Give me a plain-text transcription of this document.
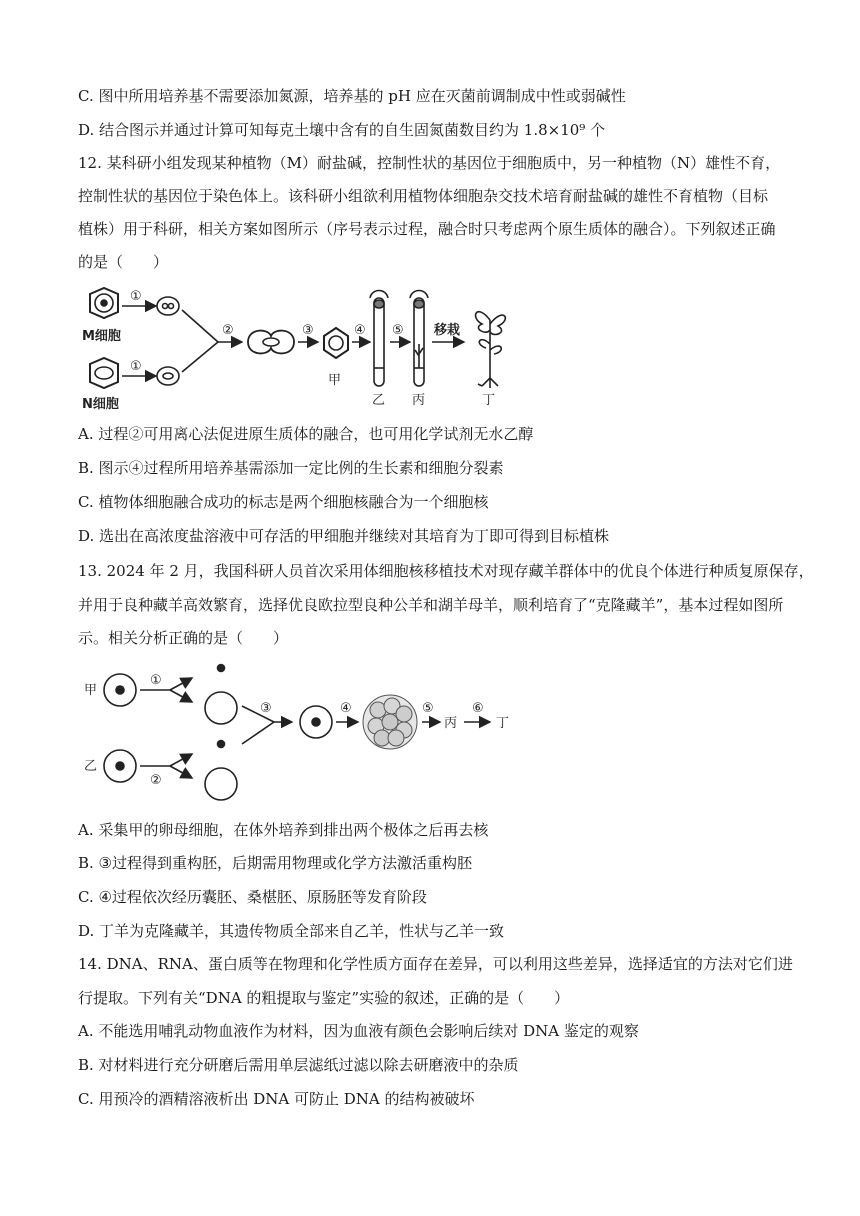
C. 图中所用培养基不需要添加氮源，培养基的 pH 应在灭菌前调制成中性或弱碱性
D. 结合图示并通过计算可知每克土壤中含有的自生固氮菌数目约为 1.8×10⁹ 个
12. 某科研小组发现某种植物（M）耐盐碱，控制性状的基因位于细胞质中，另一种植物（N）雄性不育，
控制性状的基因位于染色体上。该科研小组欲利用植物体细胞杂交技术培育耐盐碱的雄性不育植物（目标
植株）用于科研，相关方案如图所示（序号表示过程，融合时只考虑两个原生质体的融合）。下列叙述正确
的是（　　）
①
①
②	③	④ ⑤ 移栽
M细胞
N细胞
甲
乙 丙	丁
A. 过程②可用离心法促进原生质体的融合，也可用化学试剂无水乙醇
B. 图示④过程所用培养基需添加一定比例的生长素和细胞分裂素
C. 植物体细胞融合成功的标志是两个细胞核融合为一个细胞核
D. 选出在高浓度盐溶液中可存活的甲细胞并继续对其培育为丁即可得到目标植株
13. 2024 年 2 月，我国科研人员首次采用体细胞核移植技术对现存藏羊群体中的优良个体进行种质复原保存，
并用于良种藏羊高效繁育，选择优良欧拉型良种公羊和湖羊母羊，顺利培育了“克隆藏羊”，基本过程如图所
示。相关分析正确的是（　　）
甲
乙
①
②
③	④	⑤
丙
⑥
丁
A. 采集甲的卵母细胞，在体外培养到排出两个极体之后再去核
B. ③过程得到重构胚，后期需用物理或化学方法激活重构胚
C. ④过程依次经历囊胚、桑椹胚、原肠胚等发育阶段
D. 丁羊为克隆藏羊，其遗传物质全部来自乙羊，性状与乙羊一致
14. DNA、RNA、蛋白质等在物理和化学性质方面存在差异，可以利用这些差异，选择适宜的方法对它们进
行提取。下列有关“DNA 的粗提取与鉴定”实验的叙述，正确的是（　　）
A. 不能选用哺乳动物血液作为材料，因为血液有颜色会影响后续对 DNA 鉴定的观察
B. 对材料进行充分研磨后需用单层滤纸过滤以除去研磨液中的杂质
C. 用预冷的酒精溶液析出 DNA 可防止 DNA 的结构被破坏
